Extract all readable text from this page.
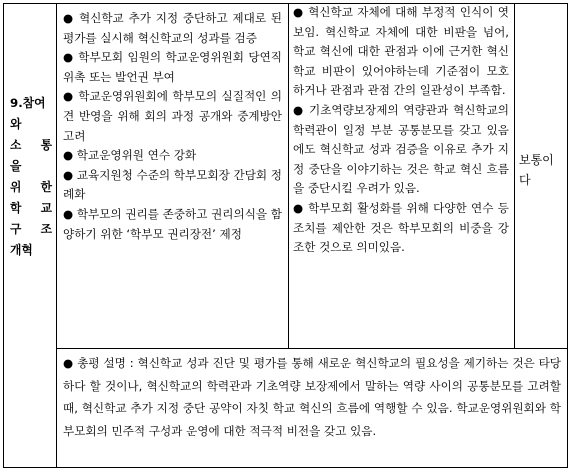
9.참여
와
소 통
을
위 한
학 교
구 조
개혁
● 혁신학교 추가 지정 중단하고 제대로 된 평가를 실시해 혁신학교의 성과를 검증
● 학부모회 임원의 학교운영위원회 당연직 위촉 또는 발언권 부여
● 학교운영위원회에 학부모의 실질적인 의견 반영을 위해 회의 과정 공개와 중계방안 고려
● 학교운영위원 연수 강화
● 교육지원청 수준의 학부모회장 간담회 정례화
● 학부모의 권리를 존중하고 권리의식을 함양하기 위한 ‘학부모 권리장전’ 제정
● 혁신학교 자체에 대해 부정적 인식이 엿보임. 혁신학교 자체에 대한 비판을 넘어, 학교 혁신에 대한 관점과 이에 근거한 혁신학교 비판이 있어야하는데 기준점이 모호하거나 관점과 관점 간의 일관성이 부족함.
● 기초역량보장제의 역량관과 혁신학교의 학력관이 일정 부분 공통분모를 갖고 있음에도 혁신학교 성과 검증을 이유로 추가 지정 중단을 이야기하는 것은 학교 혁신 흐름을 중단시킬 우려가 있음.
● 학부모회 활성화를 위해 다양한 연수 등 조치를 제안한 것은 학부모회의 비중을 강조한 것으로 의미있음.
보통이다
● 총평 설명 : 혁신학교 성과 진단 및 평가를 통해 새로운 혁신학교의 필요성을 제기하는 것은 타당하다 할 것이나, 혁신학교의 학력관과 기초역량 보장제에서 말하는 역량 사이의 공통분모를 고려할 때, 혁신학교 추가 지정 중단 공약이 자칫 학교 혁신의 흐름에 역행할 수 있음. 학교운영위원회와 학부모회의 민주적 구성과 운영에 대한 적극적 비전을 갖고 있음.
